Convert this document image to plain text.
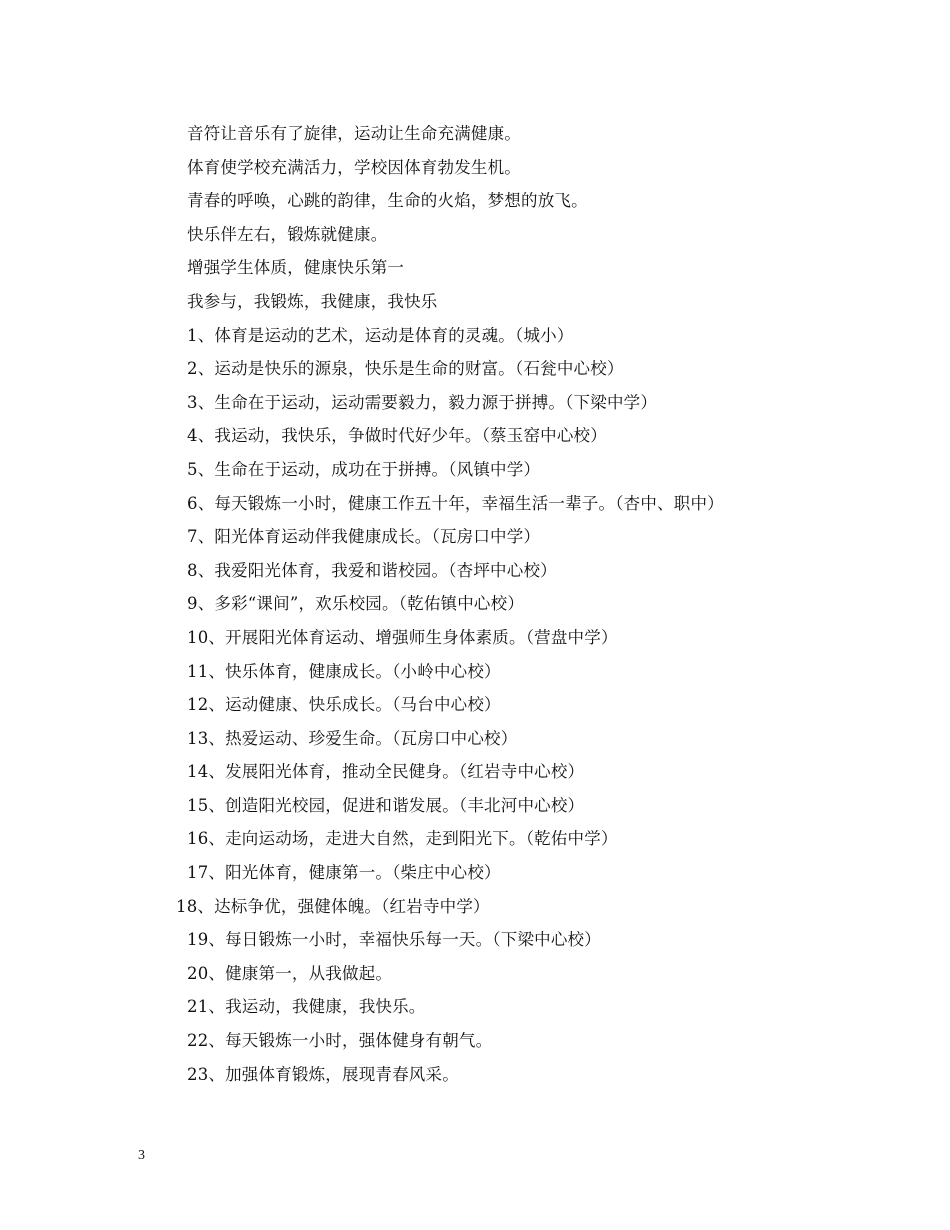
音符让音乐有了旋律，运动让生命充满健康。
体育使学校充满活力，学校因体育勃发生机。
青春的呼唤，心跳的韵律，生命的火焰，梦想的放飞。
快乐伴左右，锻炼就健康。
增强学生体质，健康快乐第一
我参与，我锻炼，我健康，我快乐
1、体育是运动的艺术，运动是体育的灵魂。（城小）
2、运动是快乐的源泉，快乐是生命的财富。（石瓮中心校）
3、生命在于运动，运动需要毅力，毅力源于拼搏。（下梁中学）
4、我运动，我快乐，争做时代好少年。（蔡玉窑中心校）
5、生命在于运动，成功在于拼搏。（风镇中学）
6、每天锻炼一小时，健康工作五十年，幸福生活一辈子。（杏中、职中）
7、阳光体育运动伴我健康成长。（瓦房口中学）
8、我爱阳光体育，我爱和谐校园。（杏坪中心校）
9、多彩“课间”，欢乐校园。（乾佑镇中心校）
10、开展阳光体育运动、增强师生身体素质。（营盘中学）
11、快乐体育，健康成长。（小岭中心校）
12、运动健康、快乐成长。（马台中心校）
13、热爱运动、珍爱生命。（瓦房口中心校）
14、发展阳光体育，推动全民健身。（红岩寺中心校）
15、创造阳光校园，促进和谐发展。（丰北河中心校）
16、走向运动场，走进大自然，走到阳光下。（乾佑中学）
17、阳光体育，健康第一。（柴庄中心校）
18、达标争优，强健体魄。（红岩寺中学）
19、每日锻炼一小时，幸福快乐每一天。（下梁中心校）
20、健康第一，从我做起。
21、我运动，我健康，我快乐。
22、每天锻炼一小时，强体健身有朝气。
23、加强体育锻炼，展现青春风采。
3
